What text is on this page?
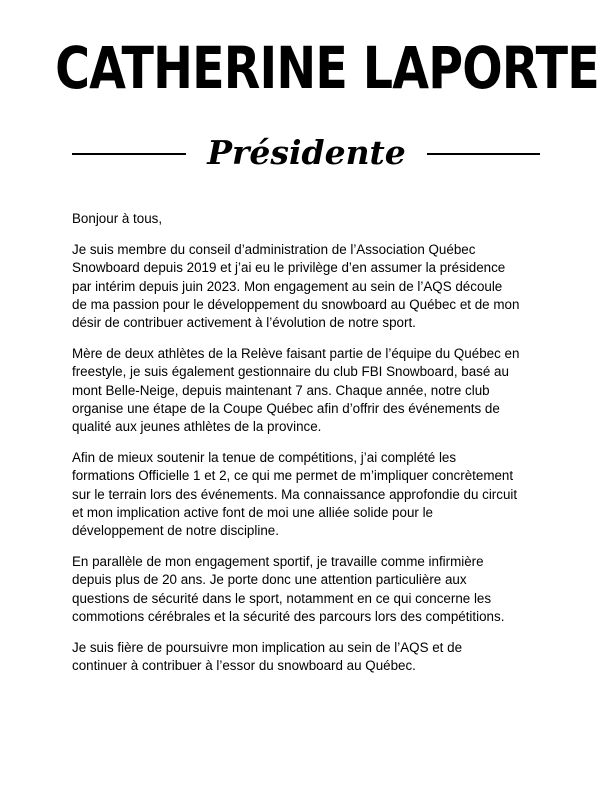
CATHERINE LAPORTE
Présidente

Bonjour à tous,

Je suis membre du conseil d’administration de l’Association Québec
Snowboard depuis 2019 et j’ai eu le privilège d’en assumer la présidence
par intérim depuis juin 2023. Mon engagement au sein de l’AQS découle
de ma passion pour le développement du snowboard au Québec et de mon
désir de contribuer activement à l’évolution de notre sport.

Mère de deux athlètes de la Relève faisant partie de l’équipe du Québec en
freestyle, je suis également gestionnaire du club FBI Snowboard, basé au
mont Belle-Neige, depuis maintenant 7 ans. Chaque année, notre club
organise une étape de la Coupe Québec afin d’offrir des événements de
qualité aux jeunes athlètes de la province.

Afin de mieux soutenir la tenue de compétitions, j’ai complété les
formations Officielle 1 et 2, ce qui me permet de m’impliquer concrètement
sur le terrain lors des événements. Ma connaissance approfondie du circuit
et mon implication active font de moi une alliée solide pour le
développement de notre discipline.

En parallèle de mon engagement sportif, je travaille comme infirmière
depuis plus de 20 ans. Je porte donc une attention particulière aux
questions de sécurité dans le sport, notamment en ce qui concerne les
commotions cérébrales et la sécurité des parcours lors des compétitions.

Je suis fière de poursuivre mon implication au sein de l’AQS et de
continuer à contribuer à l’essor du snowboard au Québec.
